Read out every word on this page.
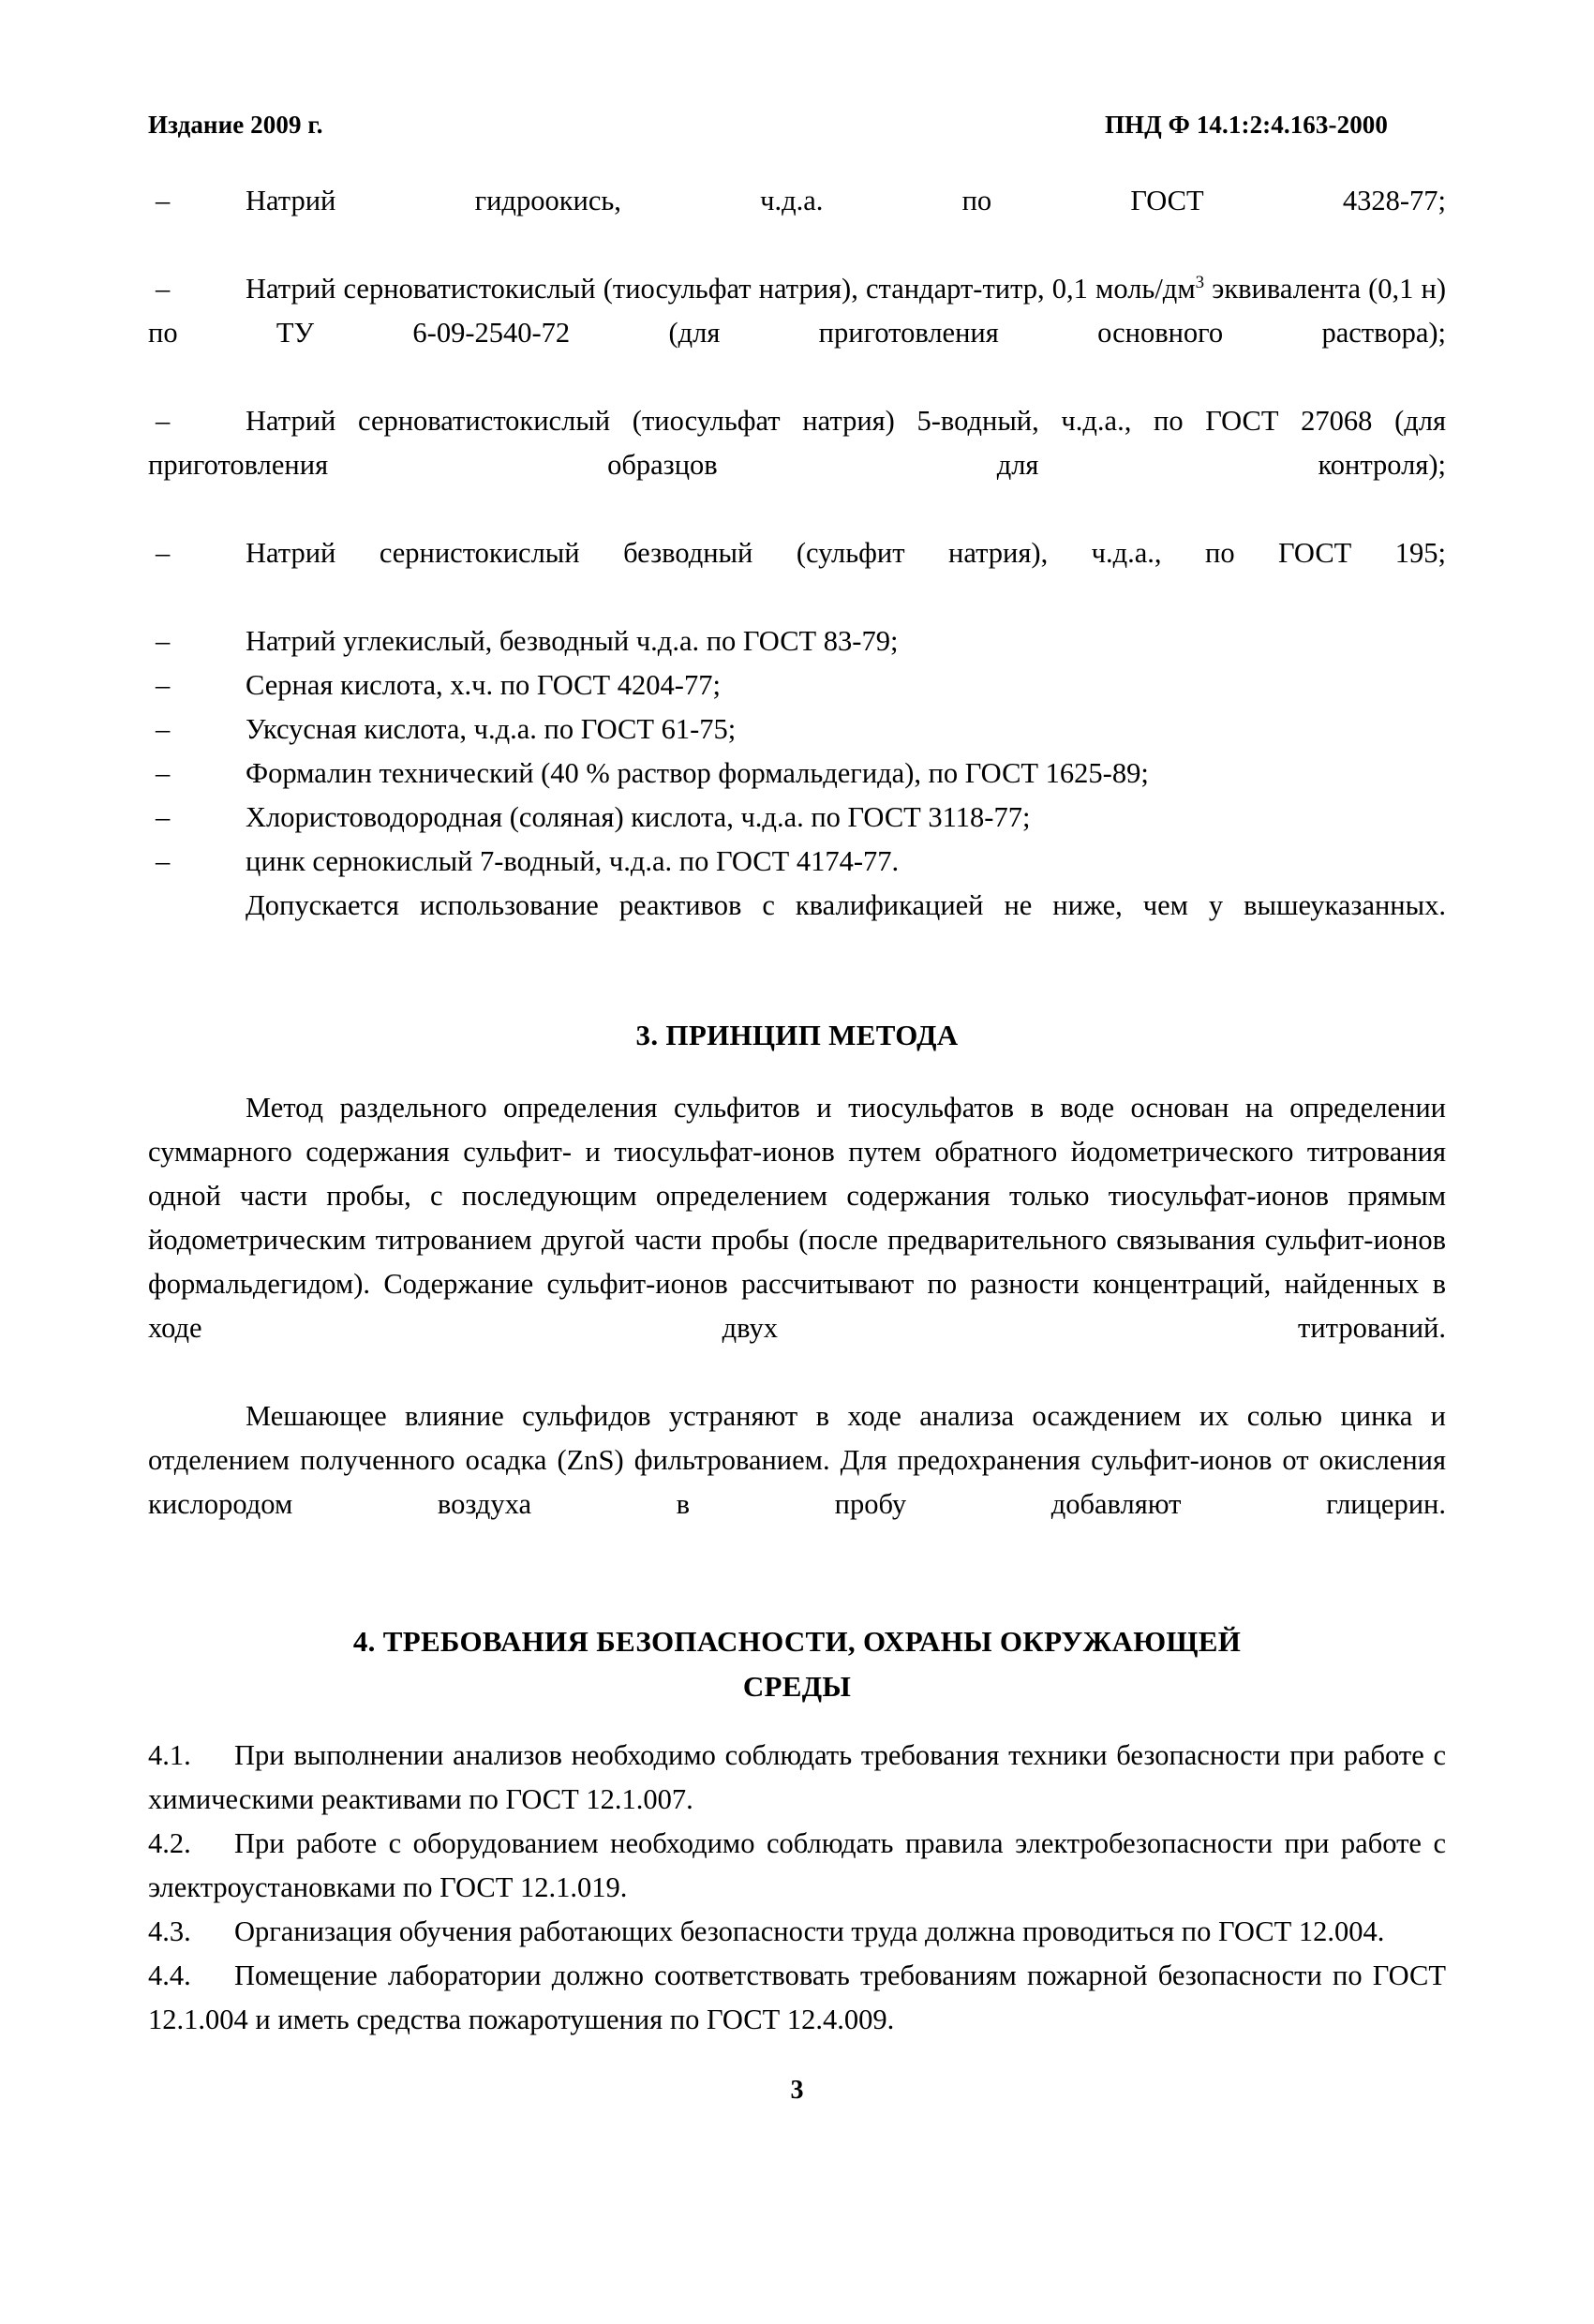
Издание 2009 г.	ПНД Ф 14.1:2:4.163-2000

–	Натрий гидроокись, ч.д.а. по ГОСТ 4328-77;

–	Натрий серноватистокислый (тиосульфат натрия), стандарт-титр, 0,1 моль/$дм^3$ эквивалента (0,1 н) по ТУ 6-09-2540-72 (для приготовления основного раствора);

–	Натрий серноватистокислый (тиосульфат натрия) 5-водный, ч.д.а., по ГОСТ 27068 (для приготовления образцов для контроля);

–	Натрий сернистокислый безводный (сульфит натрия), ч.д.а., по ГОСТ 195;

–	Натрий углекислый, безводный ч.д.а. по ГОСТ 83-79;

–	Серная кислота, х.ч. по ГОСТ 4204-77;

–	Уксусная кислота, ч.д.а. по ГОСТ 61-75;

–	Формалин технический (40 % раствор формальдегида), по ГОСТ 1625-89;

–	Хлористоводородная (соляная) кислота, ч.д.а. по ГОСТ 3118-77;

–	цинк сернокислый 7-водный, ч.д.а. по ГОСТ 4174-77.

Допускается использование реактивов с квалификацией не ниже, чем у вышеуказанных.

3. ПРИНЦИП МЕТОДА

Метод раздельного определения сульфитов и тиосульфатов в воде основан на определении суммарного содержания сульфит- и тиосульфат-ионов путем обратного йодометрического титрования одной части пробы, с последующим определением содержания только тиосульфат-ионов прямым йодометрическим титрованием другой части пробы (после предварительного связывания сульфит-ионов формальдегидом). Содержание сульфит-ионов рассчитывают по разности концентраций, найденных в ходе двух титрований.

Мешающее влияние сульфидов устраняют в ходе анализа осаждением их солью цинка и отделением полученного осадка (ZnS) фильтрованием. Для предохранения сульфит-ионов от окисления кислородом воздуха в пробу добавляют глицерин.

4. ТРЕБОВАНИЯ БЕЗОПАСНОСТИ, ОХРАНЫ ОКРУЖАЮЩЕЙ

СРЕДЫ

4.1. При выполнении анализов необходимо соблюдать требования техники безопасности при работе с химическими реактивами по ГОСТ 12.1.007.

4.2. При работе с оборудованием необходимо соблюдать правила электробезопасности при работе с электроустановками по ГОСТ 12.1.019.

4.3. Организация обучения работающих безопасности труда должна проводиться по ГОСТ 12.004.

4.4. Помещение лаборатории должно соответствовать требованиям пожарной безопасности по ГОСТ 12.1.004 и иметь средства пожаротушения по ГОСТ 12.4.009.

3
